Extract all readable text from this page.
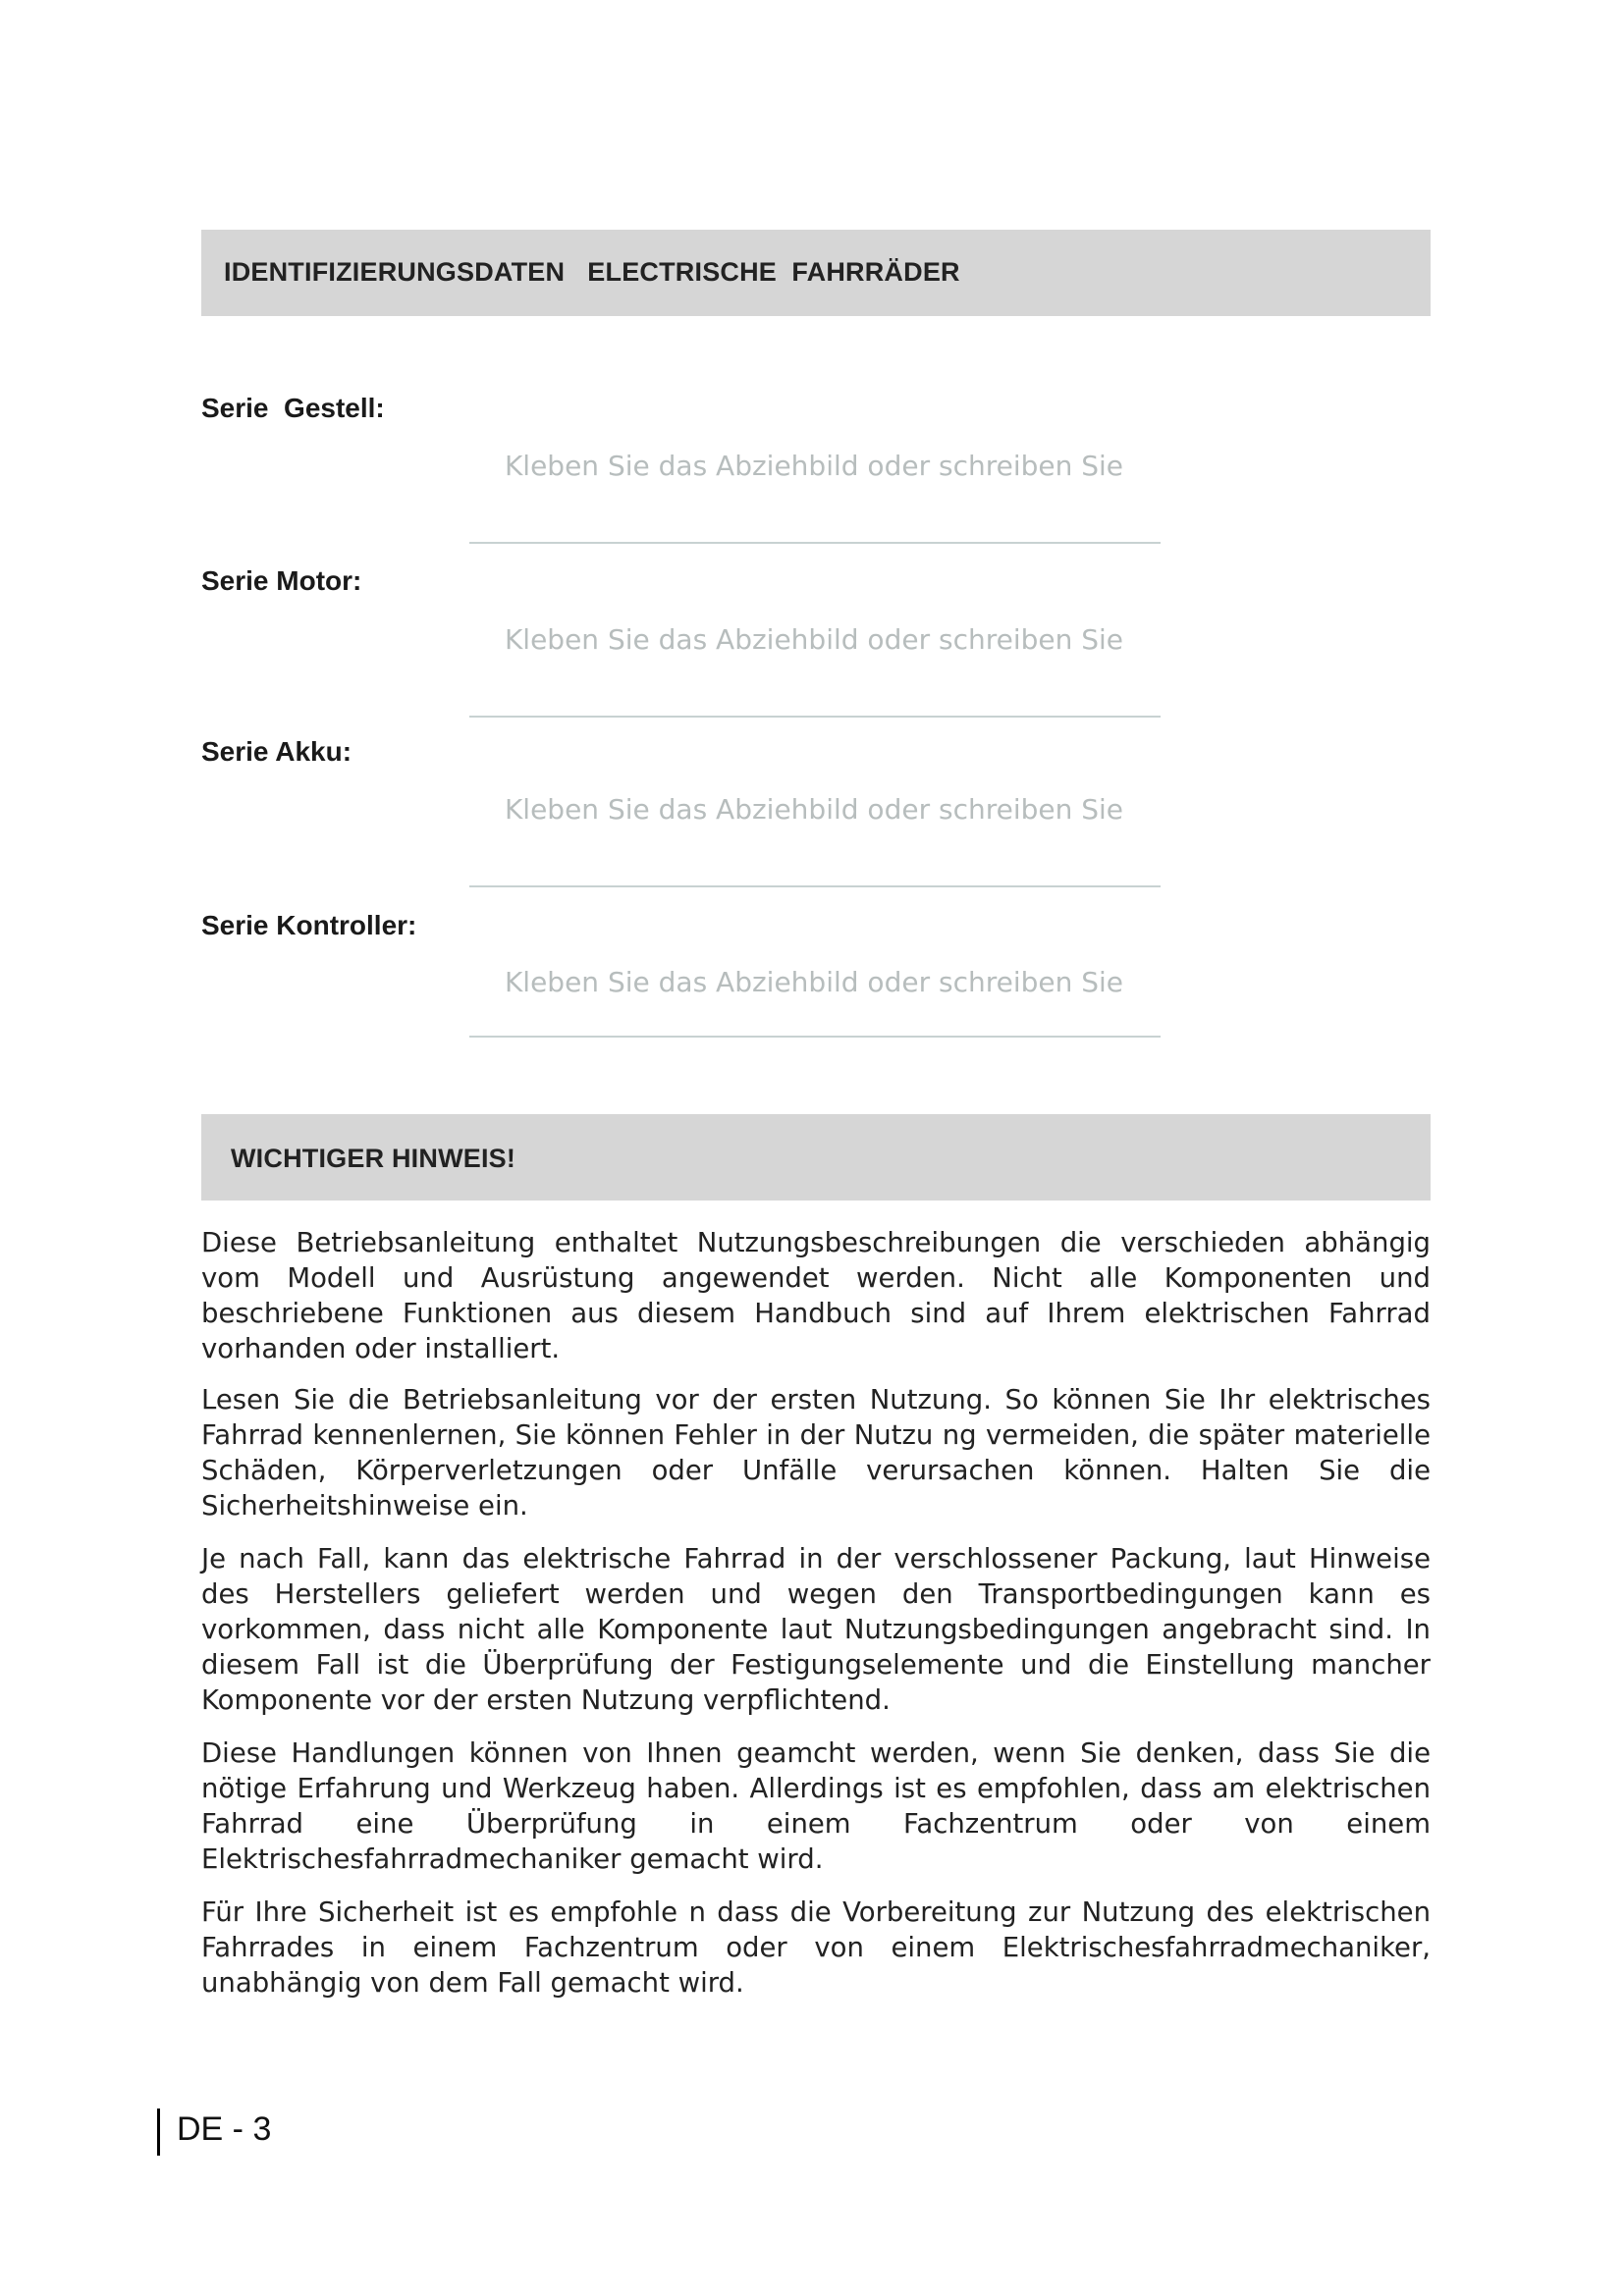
IDENTIFIZIERUNGSDATEN   ELECTRISCHE  FAHRRÄDER
Serie  Gestell:
Kleben Sie das Abziehbild oder schreiben Sie
Serie Motor:
Kleben Sie das Abziehbild oder schreiben Sie
Serie Akku:
Kleben Sie das Abziehbild oder schreiben Sie
Serie Kontroller:
Kleben Sie das Abziehbild oder schreiben Sie
WICHTIGER HINWEIS!

Diese Betriebsanleitung enthaltet Nutzungsbeschreibungen die verschieden abhängig vom Modell und Ausrüstung angewendet werden. Nicht alle Komponenten und beschriebene Funktionen aus diesem Handbuch sind auf Ihrem elektrischen Fahrrad vorhanden oder installiert.

Lesen Sie die Betriebsanleitung vor der ersten Nutzung. So können Sie Ihr elektrisches Fahrrad kennenlernen, Sie können Fehler in der Nutzu ng vermeiden, die später materielle Schäden, Körperverletzungen oder Unfälle verursachen können. Halten Sie die Sicherheitshinweise ein.

Je nach Fall, kann das elektrische Fahrrad in der verschlossener Packung, laut Hinweise des Herstellers geliefert werden und wegen den Transportbedingungen kann es vorkommen, dass nicht alle Komponente laut Nutzungsbedingungen angebracht sind. In diesem Fall ist die Überprüfung der Festigungselemente und die Einstellung mancher Komponente vor der ersten Nutzung verpflichtend.

Diese Handlungen können von Ihnen geamcht werden, wenn Sie denken, dass Sie die nötige Erfahrung und Werkzeug haben. Allerdings ist es empfohlen, dass am elektrischen Fahrrad eine Überprüfung in einem Fachzentrum oder von einem Elektrischesfahrradmechaniker gemacht wird.

Für Ihre Sicherheit ist es empfohle n dass die Vorbereitung zur Nutzung des elektrischen Fahrrades in einem Fachzentrum oder von einem Elektrischesfahrradmechaniker, unabhängig von dem Fall gemacht wird.

DE - 3
